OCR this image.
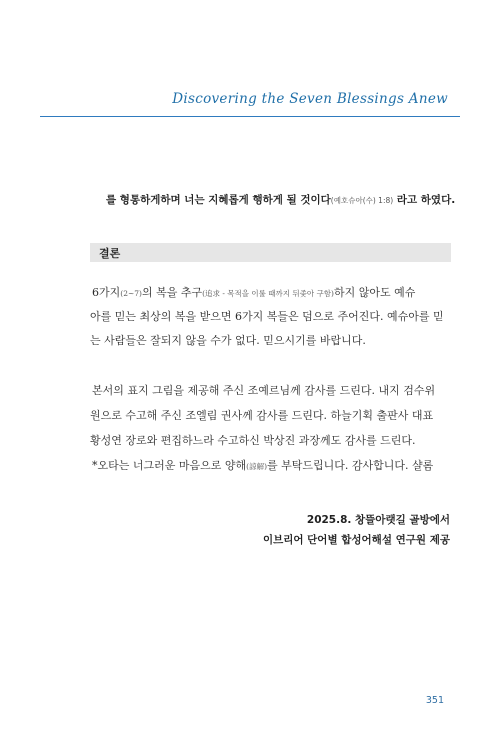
Discovering the Seven Blessings Anew
를 형통하게하며 너는 지혜롭게 행하게 될 것이다(예호슈아(수) 1:8) 라고 하였다.
결론
6가지(2~7)의 복을 추구(追求 - 목적을 이룰 때까지 뒤좇아 구함)하지 않아도 예슈
아를 믿는 최상의 복을 받으면 6가지 복들은 덤으로 주어진다. 예슈아를 믿
는 사람들은 잘되지 않을 수가 없다. 믿으시기를 바랍니다.
본서의 표지 그림을 제공해 주신 조예르님께 감사를 드린다. 내지 검수위
원으로 수고해 주신 조엘림 권사께 감사를 드린다. 하늘기획 출판사 대표
황성연 장로와 편집하느라 수고하신 박상진 과장께도 감사를 드린다.
*오타는 너그러운 마음으로 양해(諒解)를 부탁드립니다. 감사합니다. 샬롬
2025.8. 창뜰아랫길 골방에서
이브리어 단어별 합성어해설 연구원 제공
351
